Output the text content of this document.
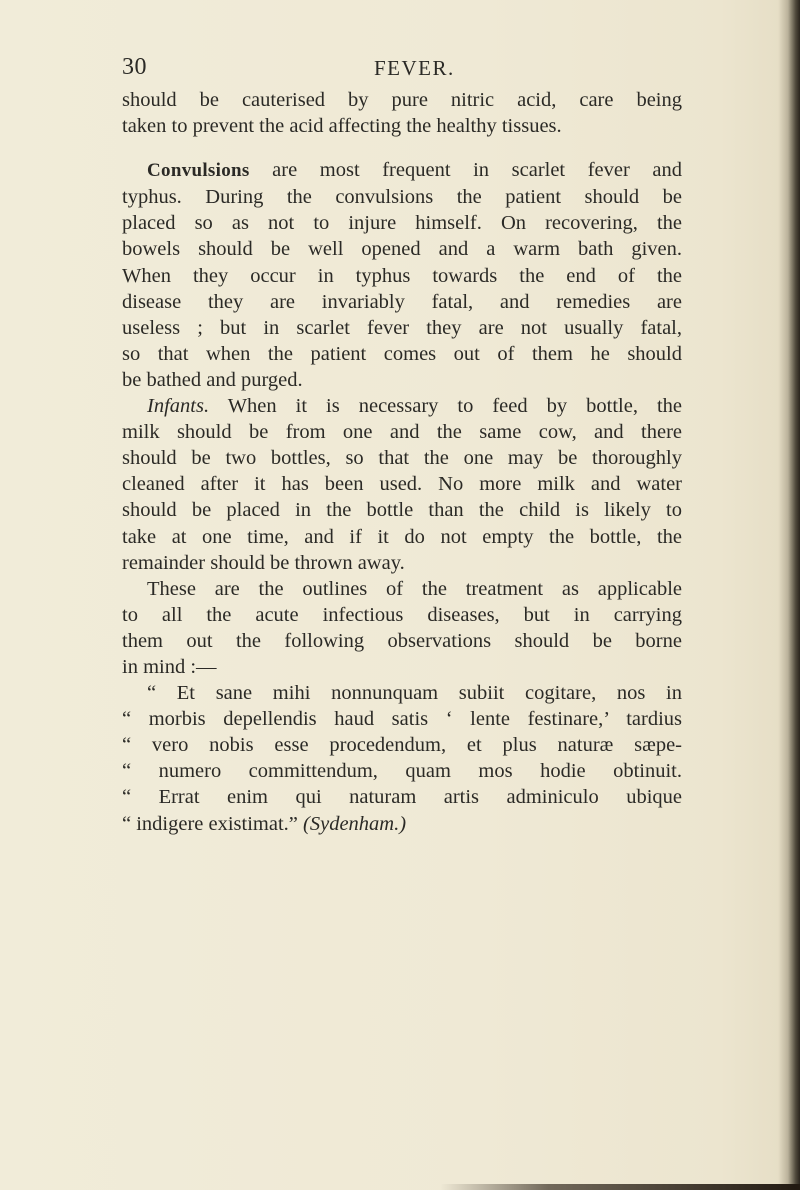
30	FEVER.
should be cauterised by pure nitric acid, care being
taken to prevent the acid affecting the healthy tissues.
Convulsions are most frequent in scarlet fever and
typhus. During the convulsions the patient should be
placed so as not to injure himself. On recovering, the
bowels should be well opened and a warm bath given.
When they occur in typhus towards the end of the
disease they are invariably fatal, and remedies are
useless ; but in scarlet fever they are not usually fatal,
so that when the patient comes out of them he should
be bathed and purged.
Infants. When it is necessary to feed by bottle, the
milk should be from one and the same cow, and there
should be two bottles, so that the one may be thoroughly
cleaned after it has been used. No more milk and water
should be placed in the bottle than the child is likely to
take at one time, and if it do not empty the bottle, the
remainder should be thrown away.
These are the outlines of the treatment as applicable
to all the acute infectious diseases, but in carrying
them out the following observations should be borne
in mind :—
“ Et sane mihi nonnunquam subiit cogitare, nos in
“ morbis depellendis haud satis ‘ lente festinare,’ tardius
“ vero nobis esse procedendum, et plus naturæ sæpe-
“ numero committendum, quam mos hodie obtinuit.
“ Errat enim qui naturam artis adminiculo ubique
“ indigere existimat.” (Sydenham.)
